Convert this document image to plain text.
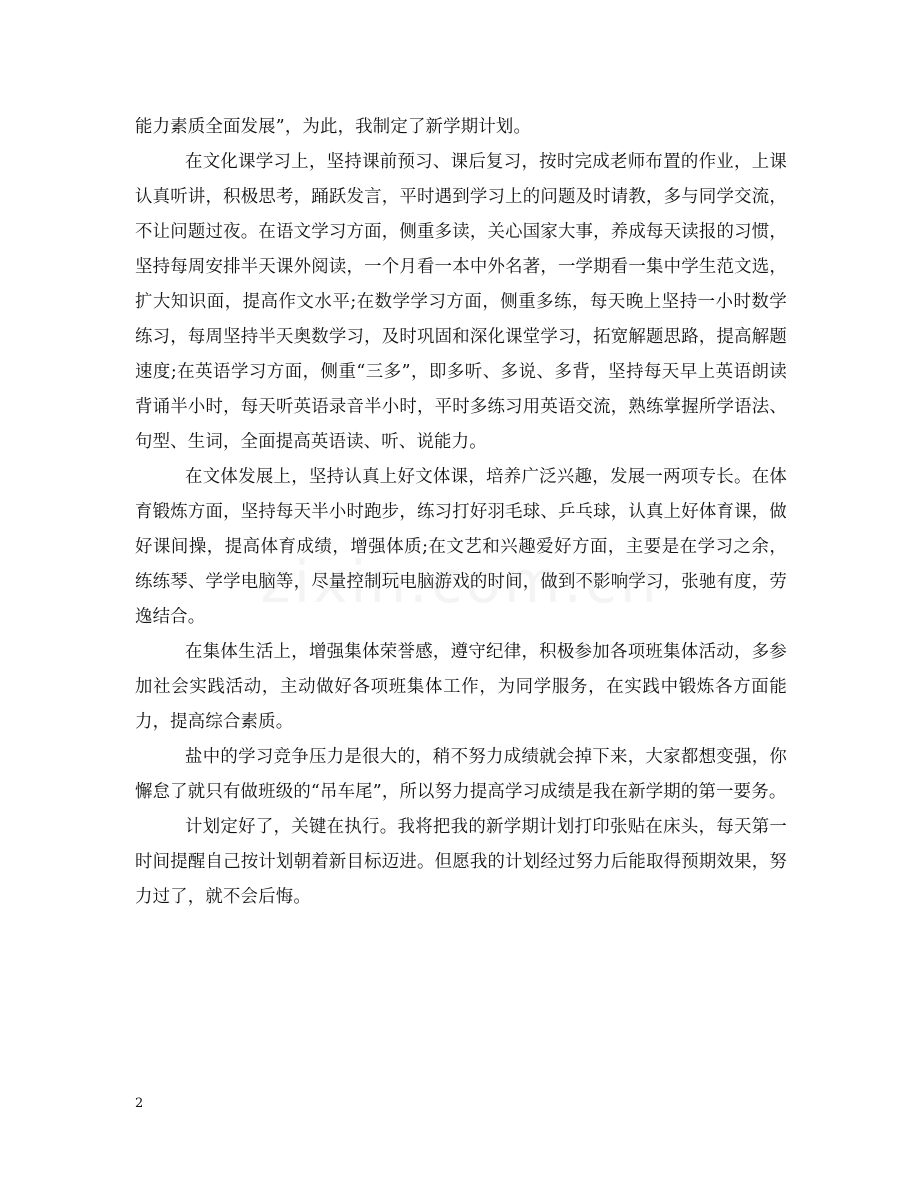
能力素质全面发展”，为此，我制定了新学期计划。

在文化课学习上，坚持课前预习、课后复习，按时完成老师布置的作业，上课认真听讲，积极思考，踊跃发言，平时遇到学习上的问题及时请教，多与同学交流，不让问题过夜。在语文学习方面，侧重多读，关心国家大事，养成每天读报的习惯，坚持每周安排半天课外阅读，一个月看一本中外名著，一学期看一集中学生范文选，扩大知识面，提高作文水平;在数学学习方面，侧重多练，每天晚上坚持一小时数学练习，每周坚持半天奥数学习，及时巩固和深化课堂学习，拓宽解题思路，提高解题速度;在英语学习方面，侧重“三多”，即多听、多说、多背，坚持每天早上英语朗读背诵半小时，每天听英语录音半小时，平时多练习用英语交流，熟练掌握所学语法、句型、生词，全面提高英语读、听、说能力。

在文体发展上，坚持认真上好文体课，培养广泛兴趣，发展一两项专长。在体育锻炼方面，坚持每天半小时跑步，练习打好羽毛球、乒乓球，认真上好体育课，做好课间操，提高体育成绩，增强体质;在文艺和兴趣爱好方面，主要是在学习之余，练练琴、学学电脑等，尽量控制玩电脑游戏的时间，做到不影响学习，张驰有度，劳逸结合。

在集体生活上，增强集体荣誉感，遵守纪律，积极参加各项班集体活动，多参加社会实践活动，主动做好各项班集体工作，为同学服务，在实践中锻炼各方面能力，提高综合素质。

盐中的学习竞争压力是很大的，稍不努力成绩就会掉下来，大家都想变强，你懈怠了就只有做班级的“吊车尾”，所以努力提高学习成绩是我在新学期的第一要务。

计划定好了，关键在执行。我将把我的新学期计划打印张贴在床头，每天第一时间提醒自己按计划朝着新目标迈进。但愿我的计划经过努力后能取得预期效果，努力过了，就不会后悔。

2
